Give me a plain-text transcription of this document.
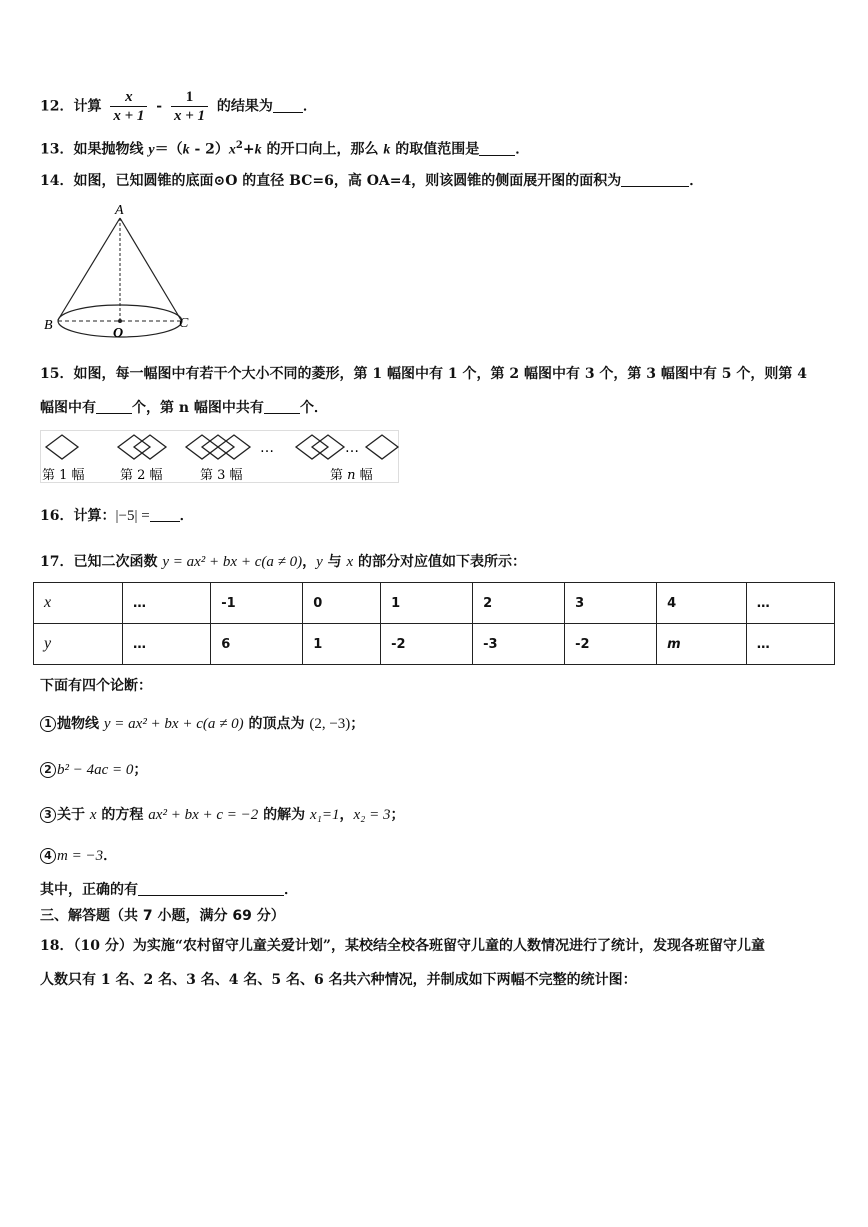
12．计算 $\frac{x}{x + 1} - \frac{1}{x + 1}$ 的结果为 ．
13．如果抛物线 $y=(k - 2)x^2+k$ 的开口向上，那么 k 的取值范围是	．
14．如图，已知圆锥的底面⊙O 的直径 BC=6，高 OA=4，则该圆锥的侧面展开图的面积为	．
A
B	C
O
15．如图，每一幅图中有若干个大小不同的菱形，第 1 幅图中有 1 个，第 2 幅图中有 3 个，第 3 幅图中有 5 个，则第 4
幅图中有	个，第 n 幅图中共有	个．
…	…
第 1 幅	第 2 幅	第 3 幅	第 n 幅
16．计算：|−5| = ．
17．已知二次函数 y = ax² + bx + c(a ≠ 0)，y 与 x 的部分对应值如下表所示：
x	…	-1	0	1	2	3	4	…
y	…	6	1	-2	-3	-2	m	…
下面有四个论断：
1 抛物线 y = ax² + bx + c(a ≠ 0) 的顶点为 (2, −3)；
2 b² − 4ac = 0；
3 关于 x 的方程 ax² + bx + c = −2 的解为 x₁=1，x₂ = 3；
4 m = −3．
其中，正确的有	．
三、解答题（共 7 小题，满分 69 分）
18．（10 分）为实施“农村留守儿童关爱计划”，某校结全校各班留守儿童的人数情况进行了统计，发现各班留守儿童
人数只有 1 名、2 名、3 名、4 名、5 名、6 名共六种情况，并制成如下两幅不完整的统计图：
